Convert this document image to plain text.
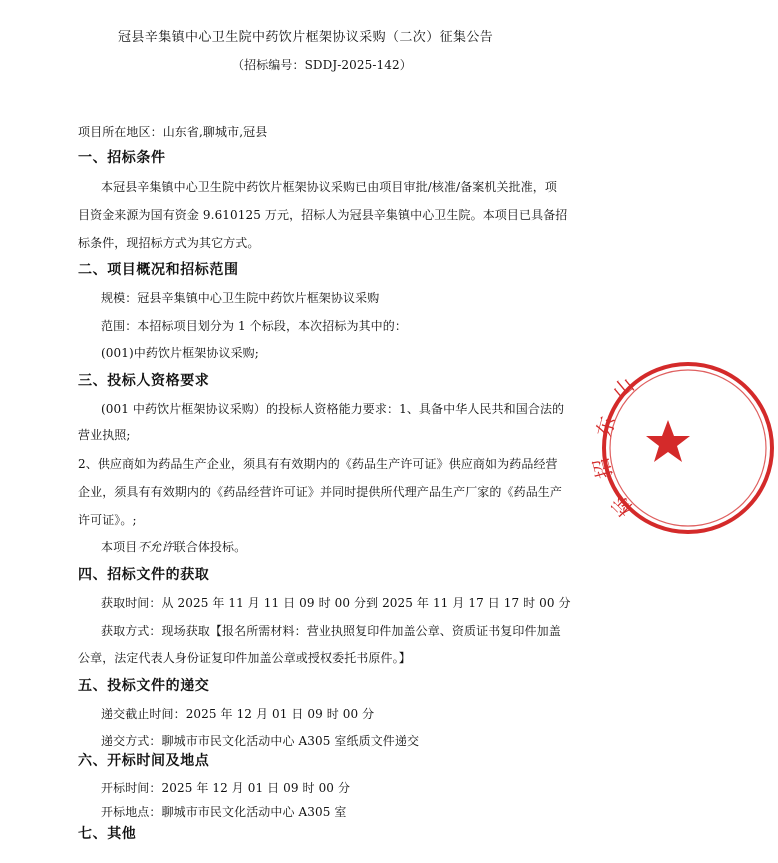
冠县辛集镇中心卫生院中药饮片框架协议采购（二次）征集公告
（招标编号：SDDJ-2025-142）
项目所在地区：山东省,聊城市,冠县
一、招标条件
本冠县辛集镇中心卫生院中药饮片框架协议采购已由项目审批/核准/备案机关批准，项
目资金来源为国有资金 9.610125 万元，招标人为冠县辛集镇中心卫生院。本项目已具备招
标条件，现招标方式为其它方式。
二、项目概况和招标范围
规模：冠县辛集镇中心卫生院中药饮片框架协议采购
范围：本招标项目划分为 1 个标段，本次招标为其中的：
(001)中药饮片框架协议采购;
三、投标人资格要求
(001 中药饮片框架协议采购）的投标人资格能力要求：1、具备中华人民共和国合法的
营业执照;
2、供应商如为药品生产企业，须具有有效期内的《药品生产许可证》供应商如为药品经营
企业，须具有有效期内的《药品经营许可证》并同时提供所代理产品生产厂家的《药品生产
许可证》。;
本项目不允许联合体投标。
四、招标文件的获取
获取时间：从 2025 年 11 月 11 日 09 时 00 分到 2025 年 11 月 17 日 17 时 00 分
获取方式：现场获取【报名所需材料：营业执照复印件加盖公章、资质证书复印件加盖
公章，法定代表人身份证复印件加盖公章或授权委托书原件。】
五、投标文件的递交
递交截止时间：2025 年 12 月 01 日 09 时 00 分
递交方式：聊城市市民文化活动中心 A305 室纸质文件递交
六、开标时间及地点
开标时间：2025 年 12 月 01 日 09 时 00 分
开标地点：聊城市市民文化活动中心 A305 室
七、其他
山
东
招
标
